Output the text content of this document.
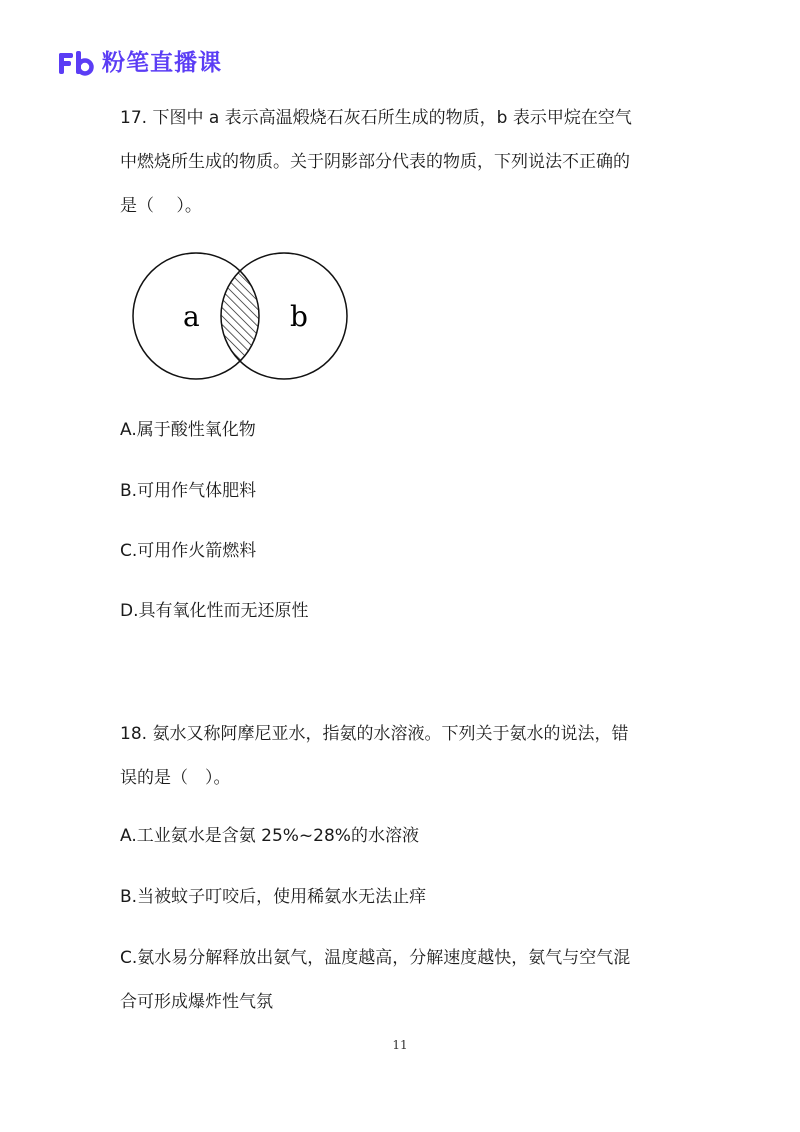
粉笔直播课
17. 下图中 a 表示高温煅烧石灰石所生成的物质，b 表示甲烷在空气
中燃烧所生成的物质。关于阴影部分代表的物质，下列说法不正确的
是（　 ）。
a	b
A.属于酸性氧化物
B.可用作气体肥料
C.可用作火箭燃料
D.具有氧化性而无还原性
18. 氨水又称阿摩尼亚水，指氨的水溶液。下列关于氨水的说法，错
误的是（　）。
A.工业氨水是含氨 25%~28%的水溶液
B.当被蚊子叮咬后，使用稀氨水无法止痒
C.氨水易分解释放出氨气，温度越高，分解速度越快，氨气与空气混
合可形成爆炸性气氛
11
